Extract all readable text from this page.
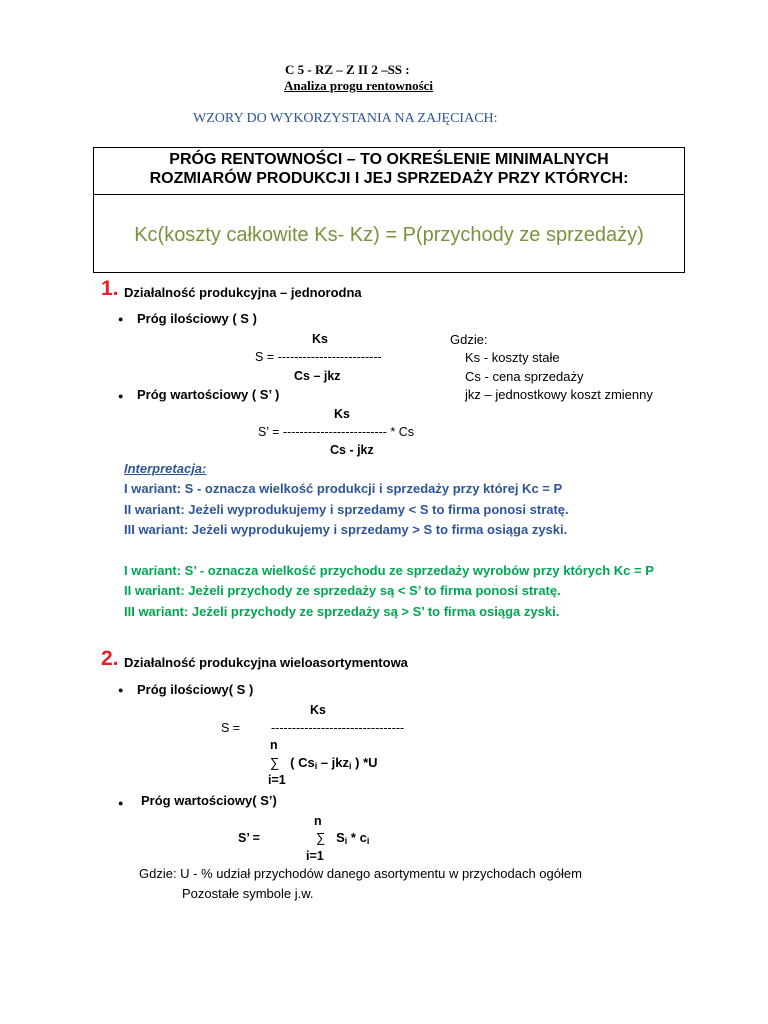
C 5 - RZ – Z II 2 –SS :
Analiza progu rentowności
WZORY DO WYKORZYSTANIA NA ZAJĘCIACH:
PRÓG RENTOWNOŚCI – TO OKREŚLENIE MINIMALNYCH
ROZMIARÓW PRODUKCJI I JEJ SPRZEDAŻY PRZY KTÓRYCH:
Kc(koszty całkowite Ks- Kz) = P(przychody ze sprzedaży)
1. Działalność produkcyjna – jednorodna
● Próg ilościowy ( S )
Ks
S = -------------------------
Cs – jkz
Gdzie:
Ks - koszty stałe
Cs - cena sprzedaży
jkz – jednostkowy koszt zmienny
● Próg wartościowy ( S’ )
Ks
S’ = ------------------------- * Cs
Cs - jkz
Interpretacja:
I wariant: S - oznacza wielkość produkcji i sprzedaży przy której Kc = P
II wariant: Jeżeli wyprodukujemy i sprzedamy < S to firma ponosi stratę.
III wariant: Jeżeli wyprodukujemy i sprzedamy > S to firma osiąga zyski.
I wariant: S’ - oznacza wielkość przychodu ze sprzedaży wyrobów przy których Kc = P
II wariant: Jeżeli przychody ze sprzedaży są < S’ to firma ponosi stratę.
III wariant: Jeżeli przychody ze sprzedaży są > S’ to firma osiąga zyski.
2. Działalność produkcyjna wieloasortymentowa
● Próg ilościowy( S )
Ks
S = --------------------------------
n
∑ ( $Cs_i - jkz_i$ ) *U
i=1
● Próg wartościowy( S’)
n
S’ =	∑ $S_i * c_i$
i=1
Gdzie: U - % udział przychodów danego asortymentu w przychodach ogółem
Pozostałe symbole j.w.
